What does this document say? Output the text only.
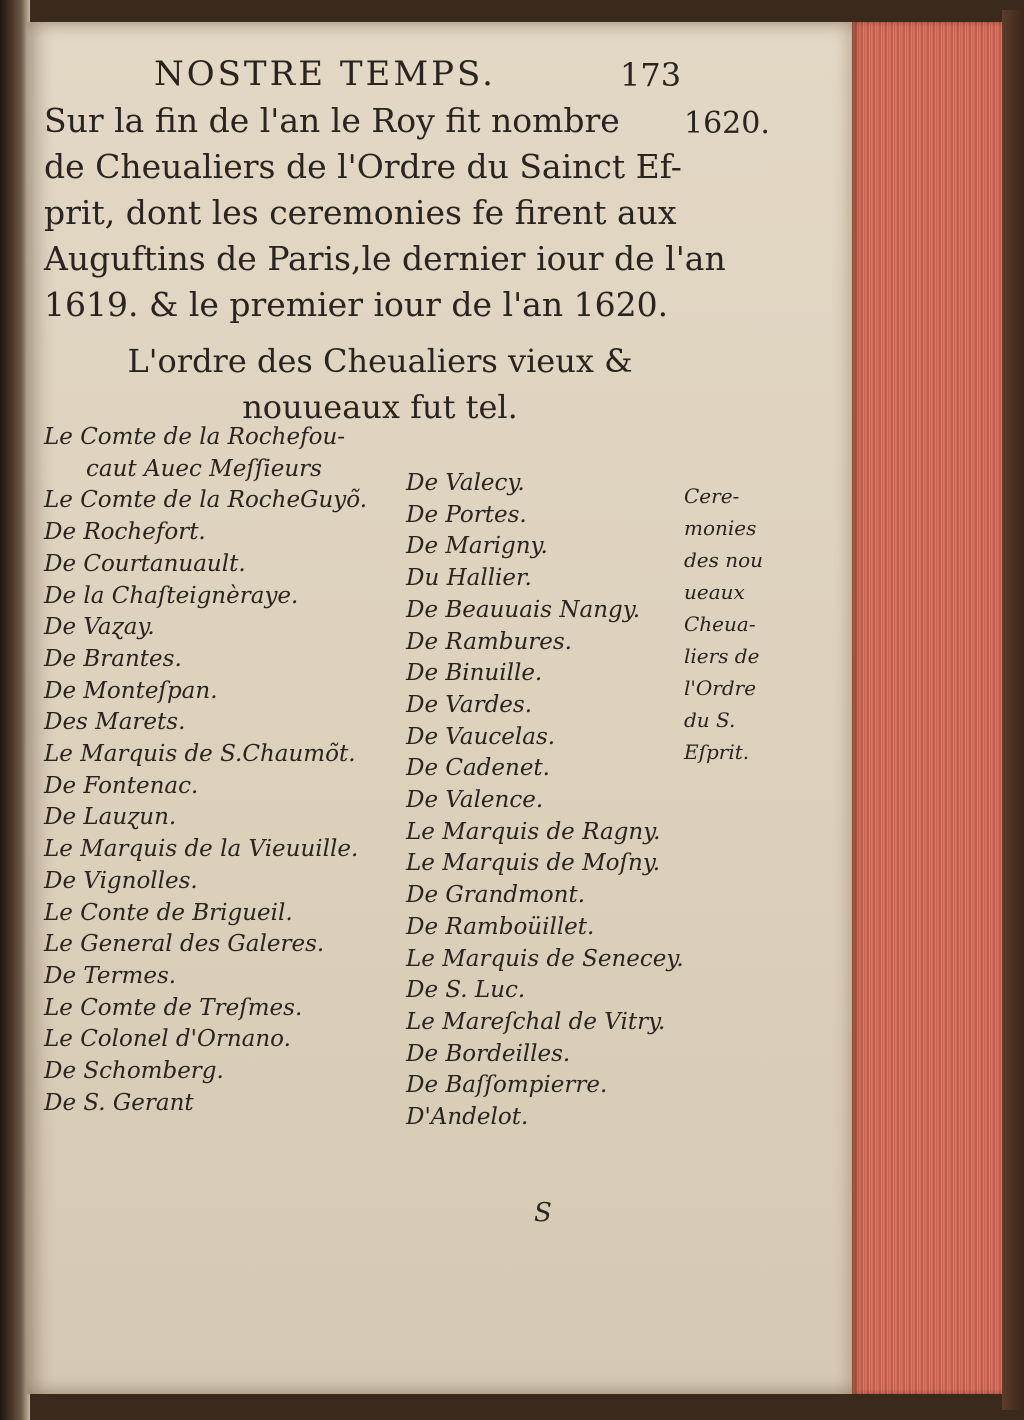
NOSTRE TEMPS.	173
Sur la fin de l'an le Roy fit nombre
de Cheualiers de l'Ordre du Sainct Ef-
prit, dont les ceremonies fe firent aux
Auguftins de Paris,le dernier iour de l'an
1619. & le premier iour de l'an 1620.
1620.
L'ordre des Cheualiers vieux &
nouueaux fut tel.
Le Comte de la Rochefou-
caut Auec Meſſieurs
Le Comte de la RocheGuyõ.
De Rochefort.
De Courtanuault.
De la Chaſteignèraye.
De Vaɀay.
De Brantes.
De Monteſpan.
Des Marets.
Le Marquis de S.Chaumõt.
De Fontenac.
De Lauɀun.
Le Marquis de la Vieuuille.
De Vignolles.
Le Conte de Brigueil.
Le General des Galeres.
De Termes.
Le Comte de Treſmes.
Le Colonel d'Ornano.
De Schomberg.
De S. Gerant
De Valecy.
De Portes.
De Marigny.
Du Hallier.
De Beauuais Nangy.
De Rambures.
De Binuille.
De Vardes.
De Vaucelas.
De Cadenet.
De Valence.
Le Marquis de Ragny.
Le Marquis de Moſny.
De Grandmont.
De Ramboüillet.
Le Marquis de Senecey.
De S. Luc.
Le Mareſchal de Vitry.
De Bordeilles.
De Baſſompierre.
D'Andelot.
Cere-
monies
des nou
ueaux
Cheua-
liers de
l'Ordre
du S.
Eſprit.
S
